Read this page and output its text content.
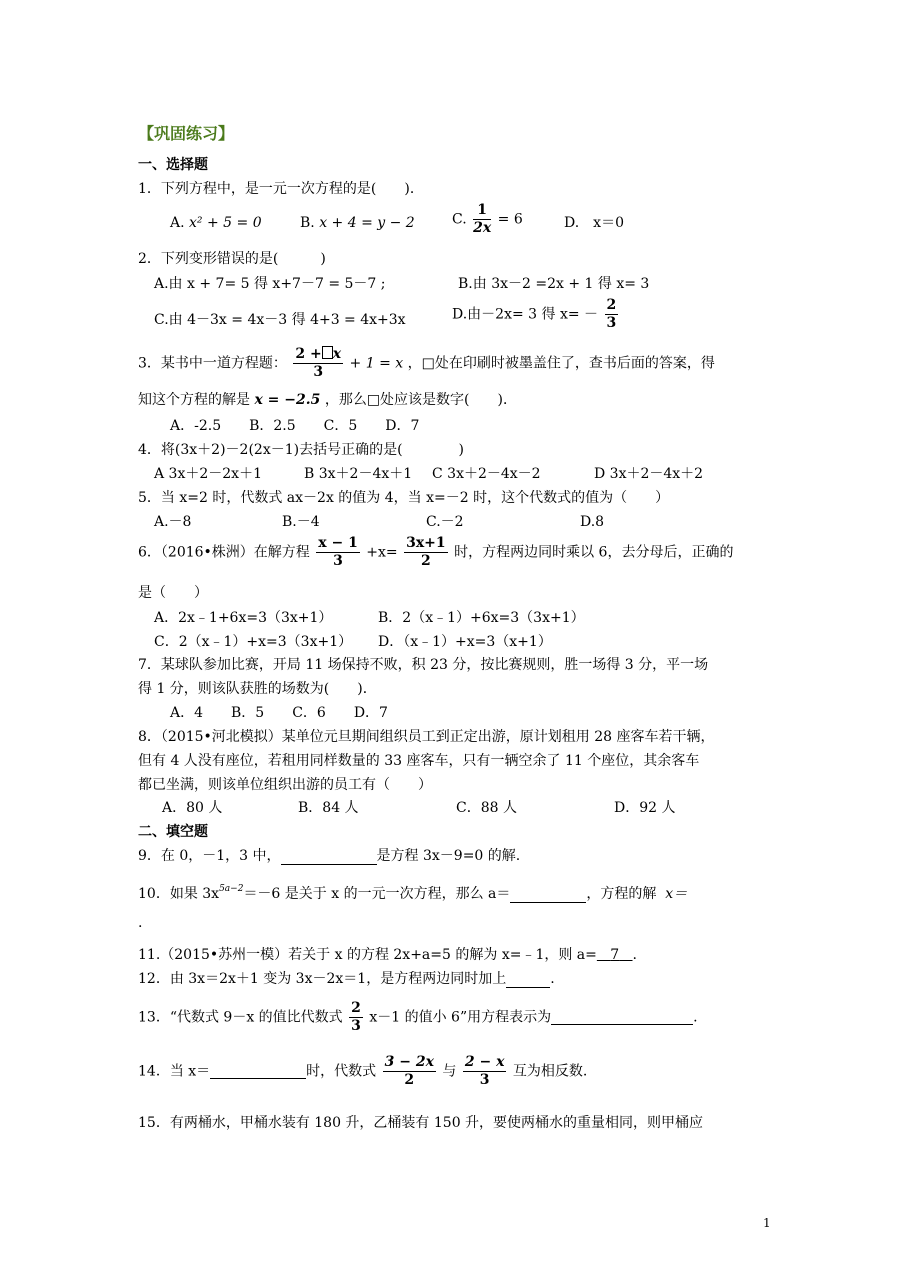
【巩固练习】
一、选择题
1．下列方程中，是一元一次方程的是(　　)．
A. x² + 5 = 0	B. x + 4 = y − 2	C. $\frac{1}{2x} = 6$	D.　x＝0
2．下列变形错误的是(　　　)
A.由 x + 7= 5 得 x+7－7 = 5－7 ;	B.由 3x－2 =2x + 1 得 x= 3
C.由 4－3x = 4x－3 得 4+3 = 4x+3x	D.由－2x= 3 得 $x= - \frac{2}{3}$
3．某书中一道方程题： $\frac{2 + x}{3} + 1 = x$ ，□处在印刷时被墨盖住了，查书后面的答案，得
知这个方程的解是 x = −2.5 ，那么□处应该是数字(　　)．
A．-2.5　　B．2.5　　C．5　　D．7
4．将(3x＋2)－2(2x－1)去括号正确的是(　　　　)
A 3x＋2－2x＋1	B 3x＋2－4x＋1 C 3x＋2－4x－2	D 3x＋2－4x＋2
5．当 x=2 时，代数式 ax－2x 的值为 4，当 x=－2 时，这个代数式的值为（　　）
A.－8	B.－4	C.－2	D.8
6．（2016•株洲）在解方程 $\frac{x - 1}{3} +x= \frac{3x+1}{2}$ 时，方程两边同时乘以 6，去分母后，正确的
是（　　）
A．2x﹣1+6x=3（3x+1）	B．2（x﹣1）+6x=3（3x+1）
C．2（x﹣1）+x=3（3x+1） D．（x﹣1）+x=3（x+1）
7．某球队参加比赛，开局 11 场保持不败，积 23 分，按比赛规则，胜一场得 3 分，平一场
得 1 分，则该队获胜的场数为(　　)．
A．4　　B．5　　C．6　　D．7
8．（2015•河北模拟）某单位元旦期间组织员工到正定出游，原计划租用 28 座客车若干辆，
但有 4 人没有座位，若租用同样数量的 33 座客车，只有一辆空余了 11 个座位，其余客车
都已坐满，则该单位组织出游的员工有（　　）
A．80 人	B．84 人	C．88 人	D．92 人
二、填空题
9．在 0，－1，3 中，	是方程 3x－9=0 的解.
10．如果 $3x^{5a-2}=-6$ 是关于 x 的一元一次方程，那么 a＝	，方程的解 x＝
.
11.（2015•苏州一模）若关于 x 的方程 2x+a=5 的解为 x=﹣1，则 a= 7 .
12．由 3x＝2x＋1 变为 3x－2x＝1，是方程两边同时加上	.
13．“代数式 9－x 的值比代数式 $\frac{2}{3} x-1$ 的值小 6”用方程表示为	.
14．当 x＝	时，代数式 $\frac{3 - 2x}{2}$ 与 $\frac{2 - x}{3}$ 互为相反数.
15．有两桶水，甲桶水装有 180 升，乙桶装有 150 升，要使两桶水的重量相同，则甲桶应
1
